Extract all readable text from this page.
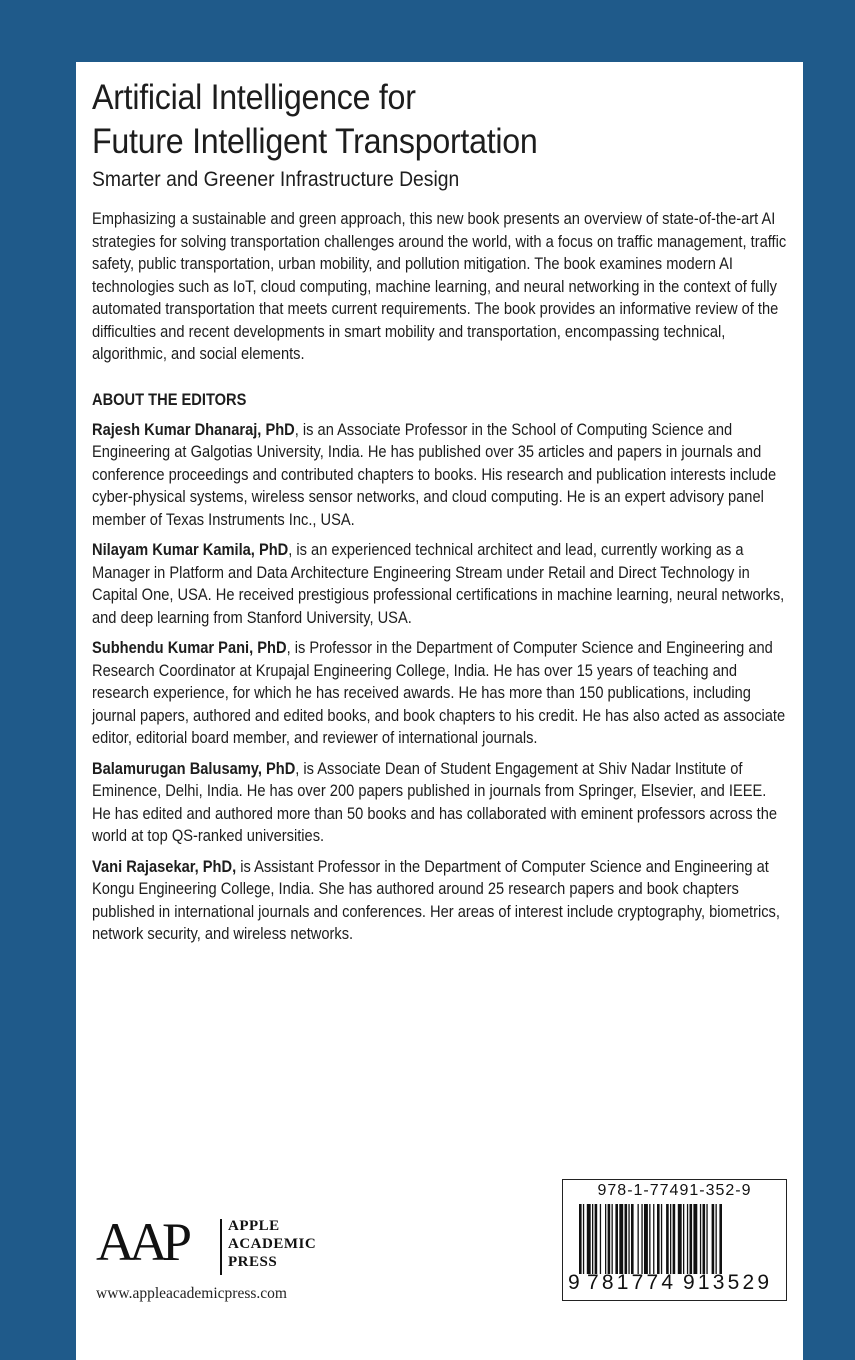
Artificial Intelligence for
Future Intelligent Transportation
Smarter and Greener Infrastructure Design

Emphasizing a sustainable and green approach, this new book presents an overview of state-of-the-art AI strategies for solving transportation challenges around the world, with a focus on traffic management, traffic safety, public transportation, urban mobility, and pollution mitigation. The book examines modern AI technologies such as IoT, cloud computing, machine learning, and neural networking in the context of fully automated transportation that meets current requirements. The book provides an informative review of the difficulties and recent developments in smart mobility and transportation, encompassing technical, algorithmic, and social elements.

ABOUT THE EDITORS

Rajesh Kumar Dhanaraj, PhD, is an Associate Professor in the School of Computing Science and Engineering at Galgotias University, India. He has published over 35 articles and papers in journals and conference proceedings and contributed chapters to books. His research and publication interests include cyber-physical systems, wireless sensor networks, and cloud computing. He is an expert advisory panel member of Texas Instruments Inc., USA.

Nilayam Kumar Kamila, PhD, is an experienced technical architect and lead, currently working as a Manager in Platform and Data Architecture Engineering Stream under Retail and Direct Technology in Capital One, USA. He received prestigious professional certifications in machine learning, neural networks, and deep learning from Stanford University, USA.

Subhendu Kumar Pani, PhD, is Professor in the Department of Computer Science and Engineering and Research Coordinator at Krupajal Engineering College, India. He has over 15 years of teaching and research experience, for which he has received awards. He has more than 150 publications, including journal papers, authored and edited books, and book chapters to his credit. He has also acted as associate editor, editorial board member, and reviewer of international journals.

Balamurugan Balusamy, PhD, is Associate Dean of Student Engagement at Shiv Nadar Institute of Eminence, Delhi, India. He has over 200 papers published in journals from Springer, Elsevier, and IEEE. He has edited and authored more than 50 books and has collaborated with eminent professors across the world at top QS-ranked universities.

Vani Rajasekar, PhD, is Assistant Professor in the Department of Computer Science and Engineering at Kongu Engineering College, India. She has authored around 25 research papers and book chapters published in international journals and conferences. Her areas of interest include cryptography, biometrics, network security, and wireless networks.

AAP	APPLE
ACADEMIC
PRESS
www.appleacademicpress.com
978-1-77491-352-9
9 781774 913529
